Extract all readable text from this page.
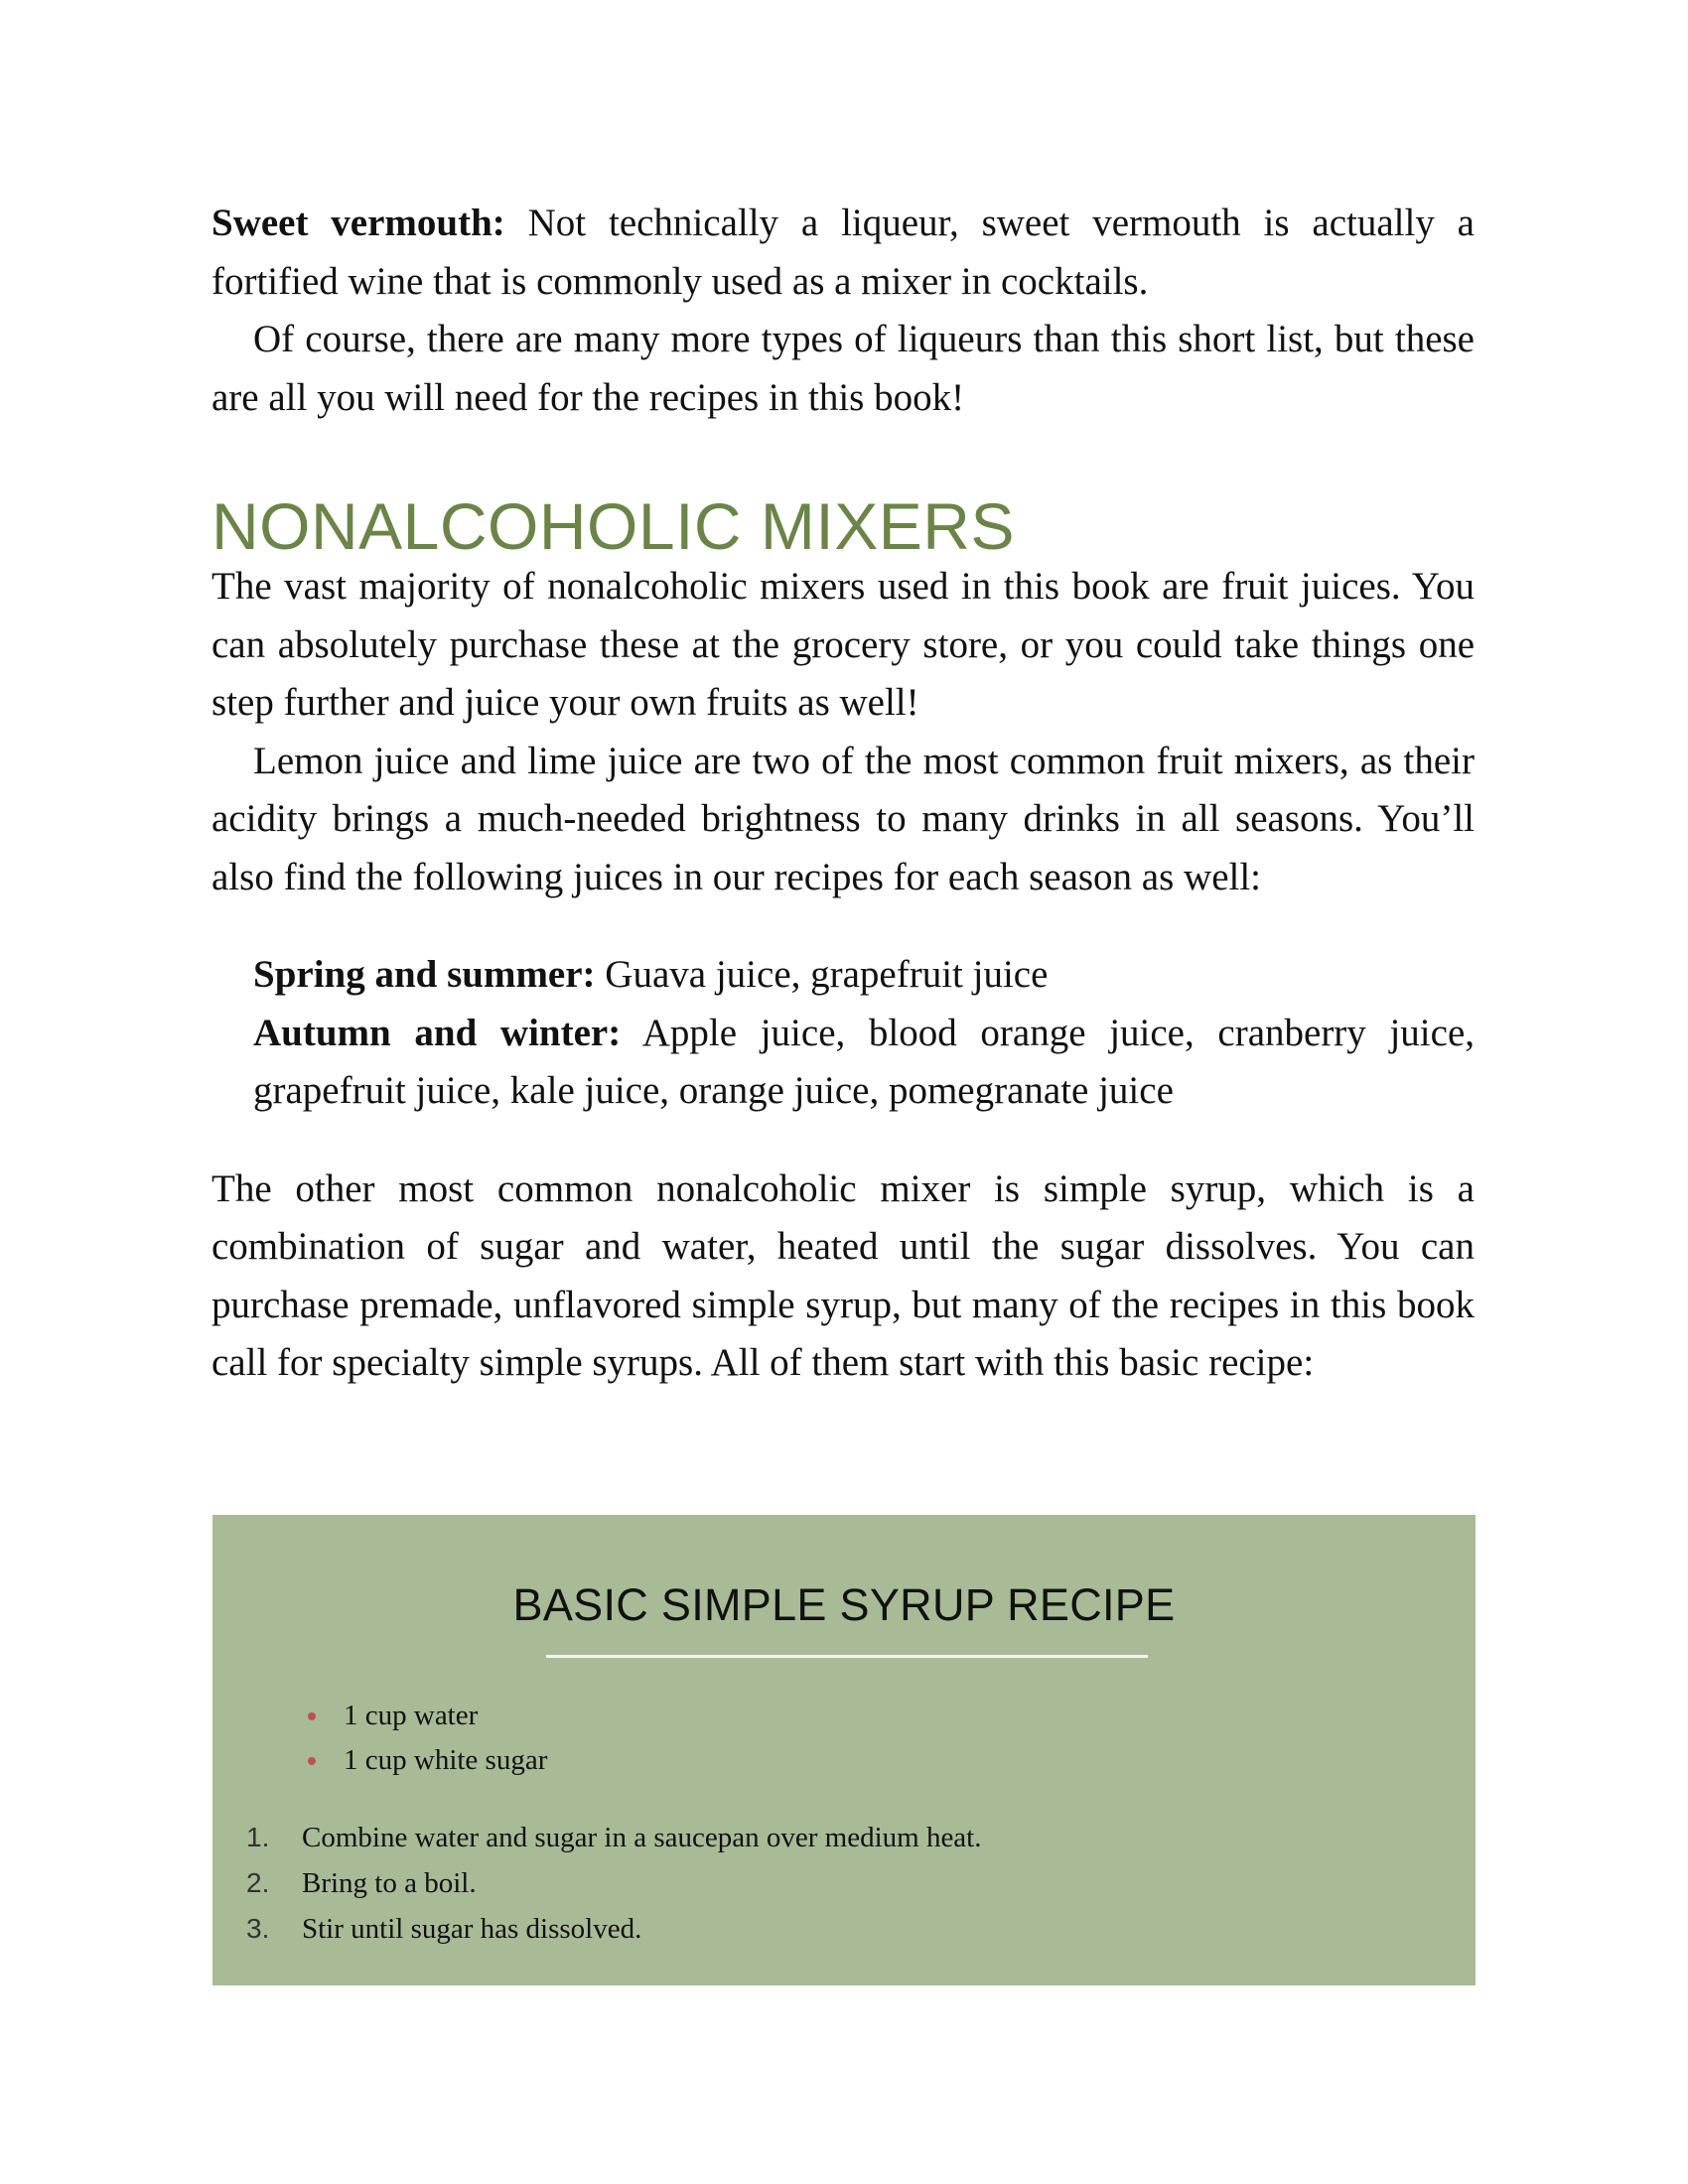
Sweet vermouth: Not technically a liqueur, sweet vermouth is actually a fortified wine that is commonly used as a mixer in cocktails.

Of course, there are many more types of liqueurs than this short list, but these are all you will need for the recipes in this book!

NONALCOHOLIC MIXERS

The vast majority of nonalcoholic mixers used in this book are fruit juices. You can absolutely purchase these at the grocery store, or you could take things one step further and juice your own fruits as well!

Lemon juice and lime juice are two of the most common fruit mixers, as their acidity brings a much-needed brightness to many drinks in all seasons. You’ll also find the following juices in our recipes for each season as well:

Spring and summer: Guava juice, grapefruit juice

Autumn and winter: Apple juice, blood orange juice, cranberry juice, grapefruit juice, kale juice, orange juice, pomegranate juice

The other most common nonalcoholic mixer is simple syrup, which is a combination of sugar and water, heated until the sugar dissolves. You can purchase premade, unflavored simple syrup, but many of the recipes in this book call for specialty simple syrups. All of them start with this basic recipe:

BASIC SIMPLE SYRUP RECIPE
1 cup water
1 cup white sugar
1. Combine water and sugar in a saucepan over medium heat.
2. Bring to a boil.
3. Stir until sugar has dissolved.
